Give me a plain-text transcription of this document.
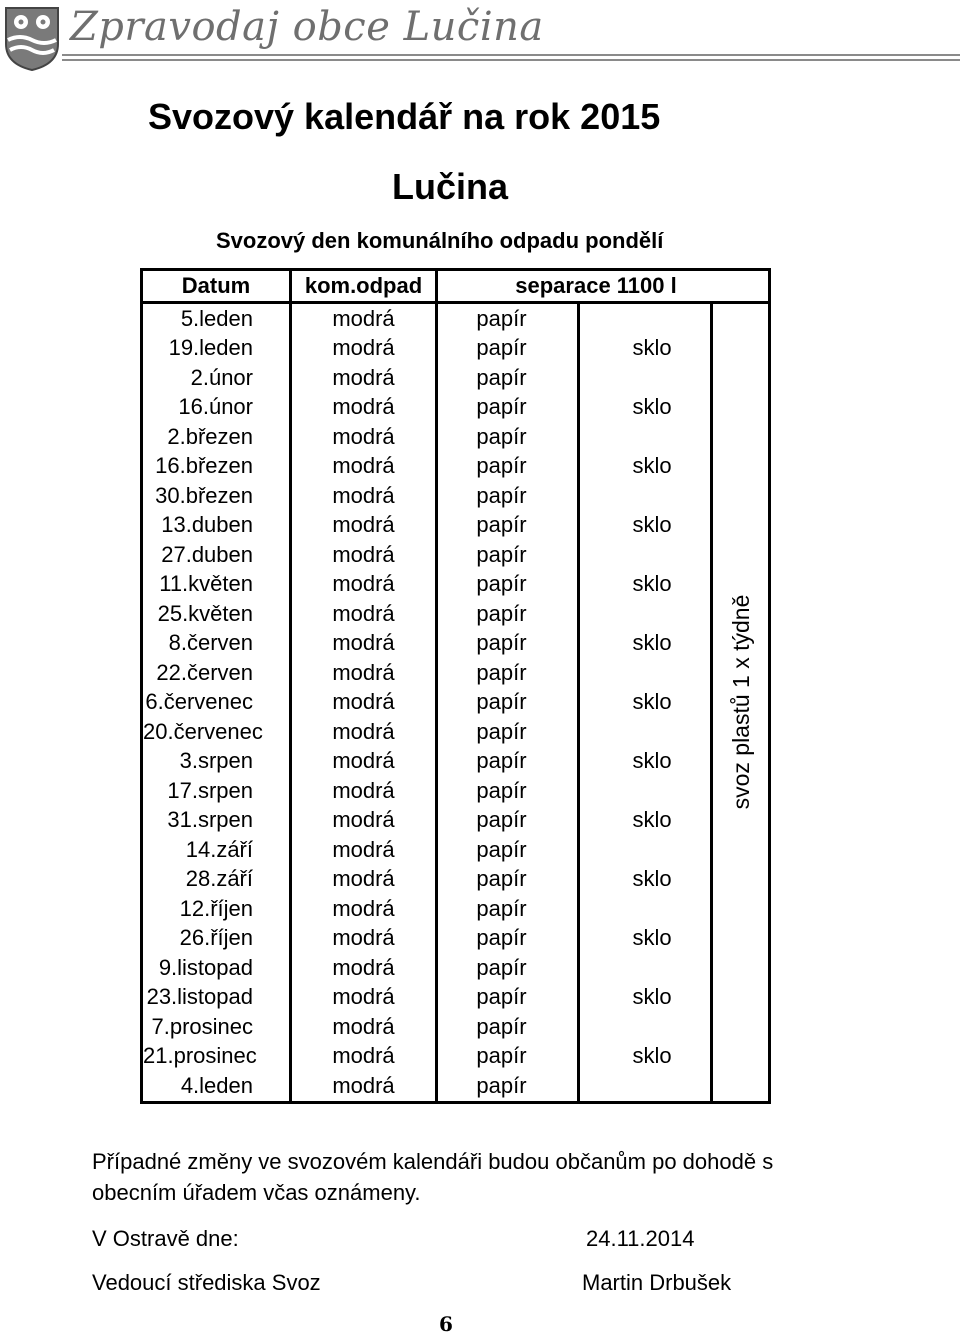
Zpravodaj obce Lučina
Svozový kalendář na rok 2015
Lučina
Svozový den komunálního odpadu pondělí
Datum	kom.odpad	separace 1100 l		
5.leden	modrá	papír		svoz plastů 1 x týdně

19.leden	modrá	papír	sklo	
2.únor	modrá	papír		
16.únor	modrá	papír	sklo	
2.březen	modrá	papír		
16.březen	modrá	papír	sklo	
30.březen	modrá	papír		
13.duben	modrá	papír	sklo	
27.duben	modrá	papír		
11.květen	modrá	papír	sklo	
25.květen	modrá	papír		
8.červen	modrá	papír	sklo	
22.červen	modrá	papír		
6.červenec	modrá	papír	sklo	
20.červenec	modrá	papír		
3.srpen	modrá	papír	sklo	
17.srpen	modrá	papír		
31.srpen	modrá	papír	sklo	
14.září	modrá	papír		
28.září	modrá	papír	sklo	
12.říjen	modrá	papír		
26.říjen	modrá	papír	sklo	
9.listopad	modrá	papír		
23.listopad	modrá	papír	sklo	
7.prosinec	modrá	papír		
21.prosinec	modrá	papír	sklo	
4.leden	modrá	papír		
Případné změny ve svozovém kalendáři budou občanům po dohodě s obecním úřadem včas oznámeny.
V Ostravě dne:	24.11.2014
Vedoucí střediska Svoz	Martin Drbušek
6
